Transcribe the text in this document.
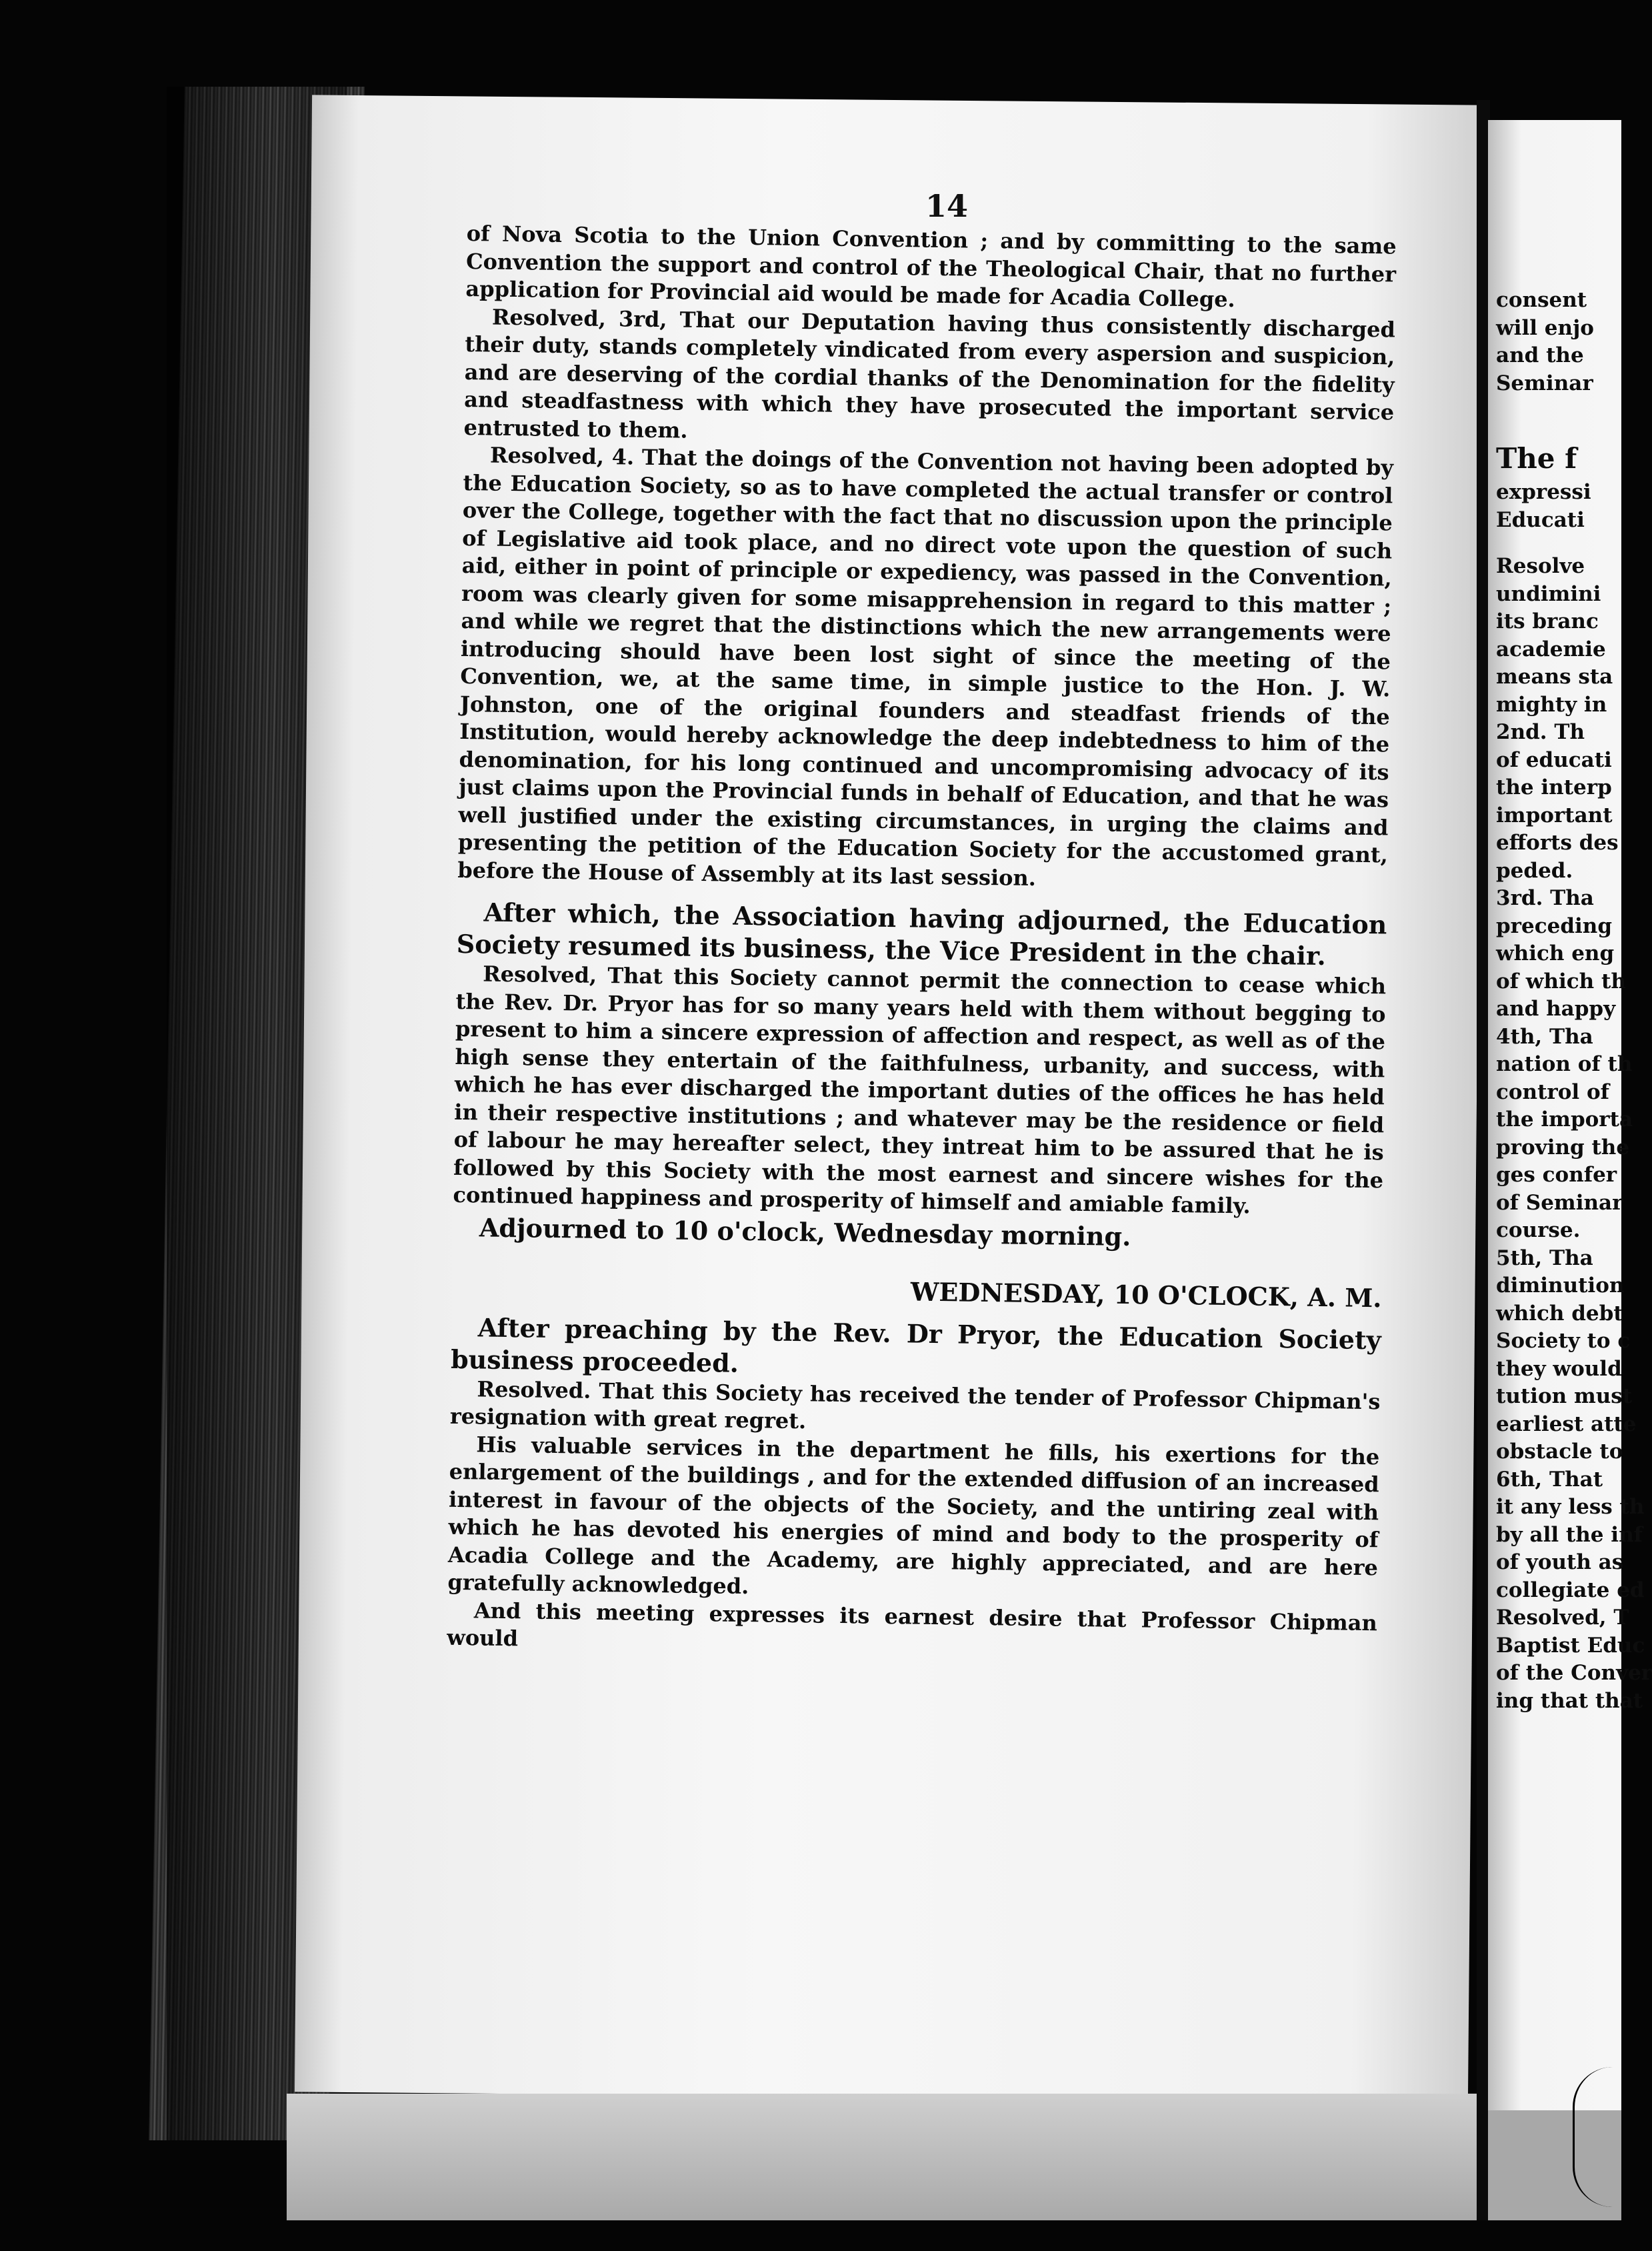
14

of Nova Scotia to the Union Convention ; and by committing to the same Convention the support and control of the Theological Chair, that no further application for Provincial aid would be made for Acadia College.

Resolved, 3rd, That our Deputation having thus consistently discharged their duty, stands completely vindicated from every aspersion and suspicion, and are deserving of the cordial thanks of the Denomination for the fidelity and steadfastness with which they have prosecuted the important service entrusted to them.

Resolved, 4. That the doings of the Convention not having been adopted by the Education Society, so as to have completed the actual transfer or control over the College, together with the fact that no discussion upon the principle of Legislative aid took place, and no direct vote upon the question of such aid, either in point of principle or expediency, was passed in the Convention, room was clearly given for some misapprehension in regard to this matter ; and while we regret that the distinctions which the new arrangements were introducing should have been lost sight of since the meeting of the Convention, we, at the same time, in simple justice to the Hon. J. W. Johnston, one of the original founders and steadfast friends of the Institution, would hereby acknowledge the deep indebtedness to him of the denomination, for his long continued and uncompromising advocacy of its just claims upon the Provincial funds in behalf of Education, and that he was well justified under the existing circumstances, in urging the claims and presenting the petition of the Education Society for the accustomed grant, before the House of Assembly at its last session.

After which, the Association having adjourned, the Education Society resumed its business, the Vice President in the chair.

Resolved, That this Society cannot permit the connection to cease which the Rev. Dr. Pryor has for so many years held with them without begging to present to him a sincere expression of affection and respect, as well as of the high sense they entertain of the faithfulness, urbanity, and success, with which he has ever discharged the important duties of the offices he has held in their respective institutions ; and whatever may be the residence or field of labour he may hereafter select, they intreat him to be assured that he is followed by this Society with the most earnest and sincere wishes for the continued happiness and prosperity of himself and amiable family.

Adjourned to 10 o'clock, Wednesday morning.

WEDNESDAY, 10 O'CLOCK, A. M.

After preaching by the Rev. Dr Pryor, the Education Society business proceeded.

Resolved. That this Society has received the tender of Professor Chipman's resignation with great regret.

His valuable services in the department he fills, his exertions for the enlargement of the buildings , and for the extended diffusion of an increased interest in favour of the objects of the Society, and the untiring zeal with which he has devoted his energies of mind and body to the prosperity of Acadia College and the Academy, are highly appreciated, and are here gratefully acknowledged.

And this meeting expresses its earnest desire that Professor Chipman would

consent
will enjo
and the
Seminar
The f
expressi
Educati
Resolve
undimini
its branc
academie
means sta
mighty in
2nd. Th
of educati
the interp
important
efforts des
peded.
3rd. Tha
preceding
which eng
of which th
and happy
4th, Tha
nation of th
control of
the importa
proving the
ges confer
of Seminar
course.
5th, Tha
diminution
which debt
Society to c
they would
tution must
earliest atte
obstacle to
6th, That
it any less th
by all the inf
of youth as
collegiate ed
Resolved, T
Baptist Educ
of the Conver
ing that that
